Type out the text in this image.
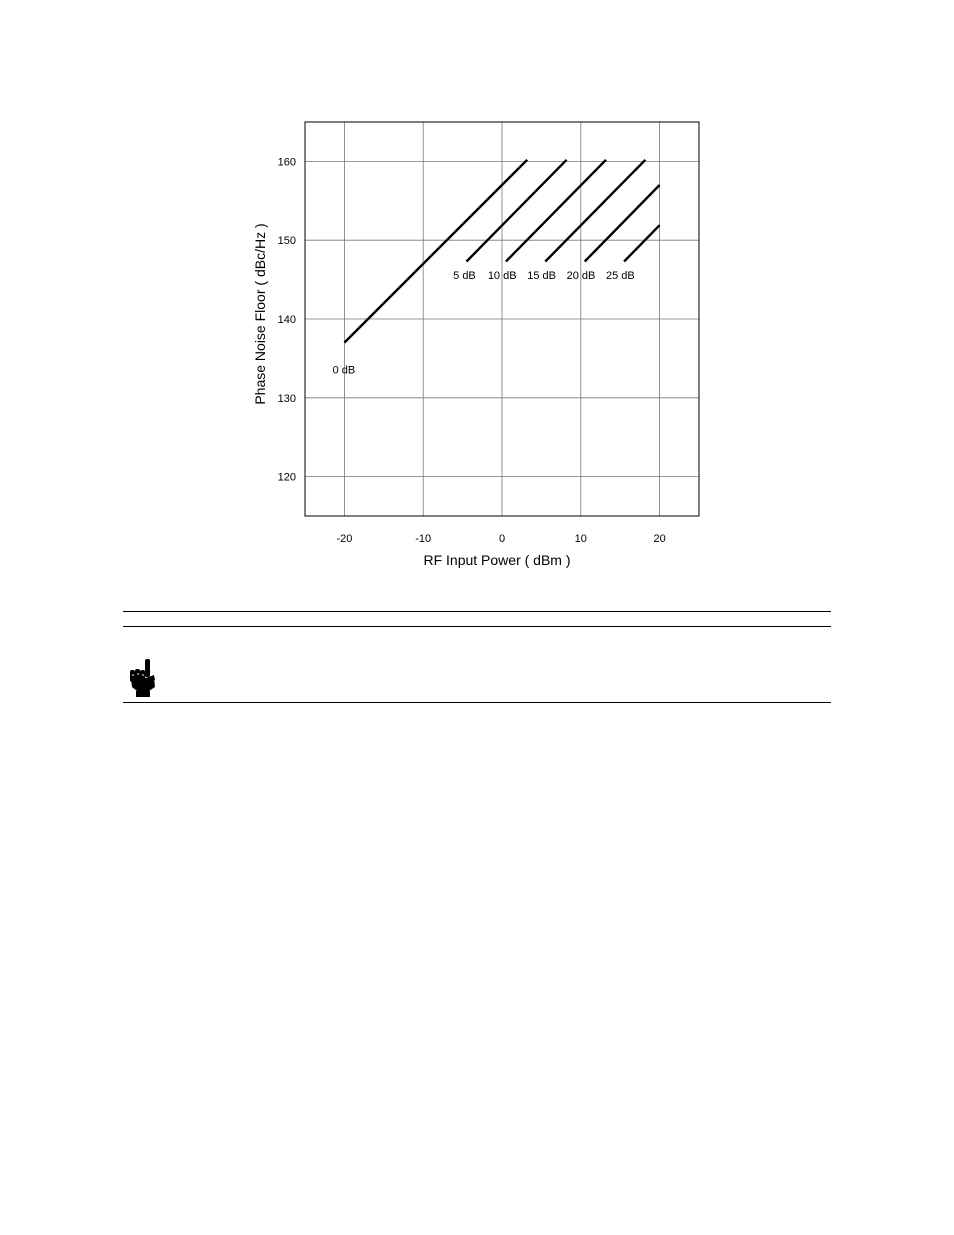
-20	-10	0	10	20
120
130
140
150
160
0 dB
5 dB 10 dB 15 dB 20 dB 25 dB
RF Input Power ( dBm )
Phase Noise Floor ( dBc/Hz )
